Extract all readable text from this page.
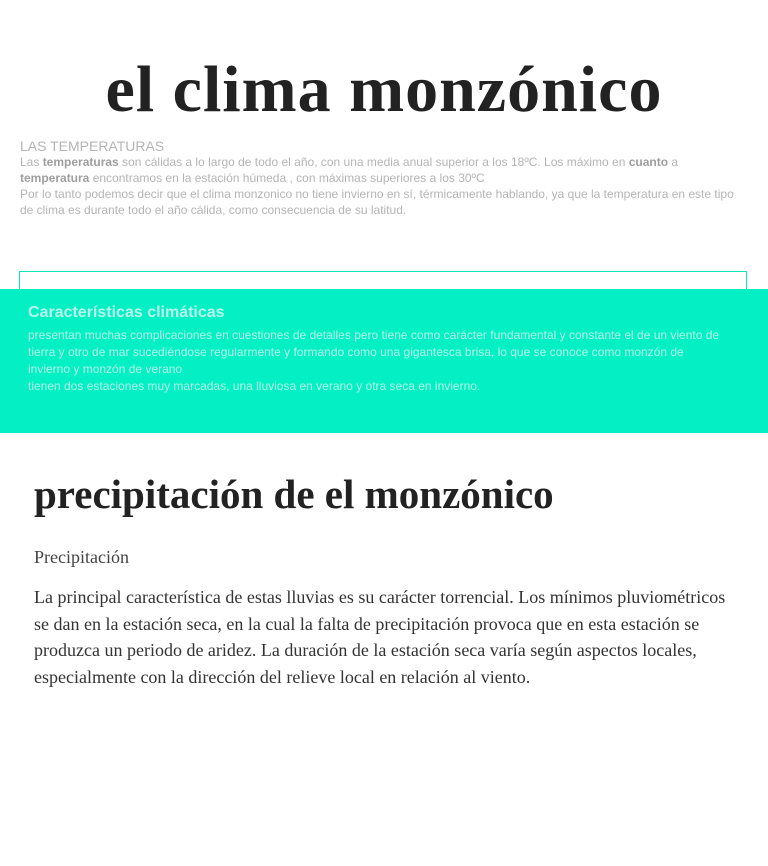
el clima monzónico
LAS TEMPERATURAS

Las temperaturas son cálidas a lo largo de todo el año, con una media anual superior a los 18ºC. Los máximo en cuanto a temperatura encontramos en la estación húmeda , con máximas superiores a los 30ºC

Por lo tanto podemos decir que el clima monzonico no tiene invierno en sí, térmicamente hablando, ya que la temperatura en este tipo de clima es durante todo el año cálida, como consecuencia de su latitud.

Características climáticas

presentan muchas complicaciones en cuestiones de detalles pero tiene como carácter fundamental y constante el de un viento de tierra y otro de mar sucediéndose regularmente y formando como una gigantesca brisa, lo que se conoce como monzón de invierno y monzón de verano

tienen dos estaciones muy marcadas, una lluviosa en verano y otra seca en invierno.

precipitación de el monzónico

Precipitación

La principal característica de estas lluvias es su carácter torrencial. Los mínimos pluviométricos se dan en la estación seca, en la cual la falta de precipitación provoca que en esta estación se produzca un periodo de aridez. La duración de la estación seca varía según aspectos locales, especialmente con la dirección del relieve local en relación al viento.
